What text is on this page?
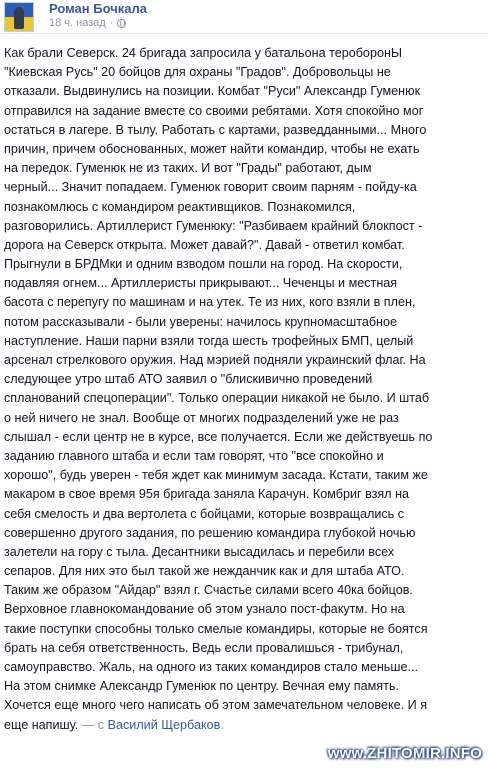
Роман Бочкала
18 ч. назад ·
Как брали Северск. 24 бригада запросила у батальона тероборонЫ
"Киевская Русь" 20 бойцов для охраны "Градов". Добровольцы не
отказали. Выдвинулись на позиции. Комбат "Руси" Александр Гуменюк
отправился на задание вместе со своими ребятами. Хотя спокойно мог
остаться в лагере. В тылу. Работать с картами, разведданными... Много
причин, причем обоснованных, может найти командир, чтобы не ехать
на передок. Гуменюк не из таких. И вот "Грады" работают, дым
черный... Значит попадаем. Гуменюк говорит своим парням - пойду-ка
познакомлюсь с командиром реактивщиков. Познакомился,
разговорились. Артиллерист Гуменюку: "Разбиваем крайний блокпост -
дорога на Северск открыта. Может давай?". Давай - ответил комбат.
Прыгнули в БРДМки и одним взводом пошли на город. На скорости,
подавляя огнем... Артиллеристы прикрывают... Чеченцы и местная
басота с перепугу по машинам и на утек. Те из них, кого взяли в плен,
потом рассказывали - были уверены: начилось крупномасштабное
наступление. Наши парни взяли тогда шесть трофейных БМП, целый
арсенал стрелкового оружия. Над мэрией подняли украинский флаг. На
следующее утро штаб АТО заявил о "блискивично проведений
спланований спецоперации". Только операции никакой не было. И штаб
о ней ничего не знал. Вообще от многих подразделений уже не раз
слышал - если центр не в курсе, все получается. Если же действуешь по
заданию главного штаба и если там говорят, что "все спокойно и
хорошо", будь уверен - тебя ждет как минимум засада. Кстати, таким же
макаром в свое время 95я бригада заняла Карачун. Комбриг взял на
себя смелость и два вертолета с бойцами, которые возвращались с
совершенно другого задания, по решению командира глубокой ночью
залетели на гору с тыла. Десантники высадилась и перебили всех
сепаров. Для них это был такой же нежданчик как и для штаба АТО.
Таким же образом "Айдар" взял г. Счастье силами всего 40ка бойцов.
Верховное главнокомандование об этом узнало пост-факутм. Но на
такие поступки способны только смелые командиры, которые не боятся
брать на себя ответственность. Ведь если провалишься - трибунал,
самоуправство. Жаль, на одного из таких командиров стало меньше...
На этом снимке Александр Гуменюк по центру. Вечная ему память.
Хочется еще много чего написать об этом замечательном человеке. И я
еще напишу. — с Василий Щербаков.
www.ZHITOMIR.INFO
